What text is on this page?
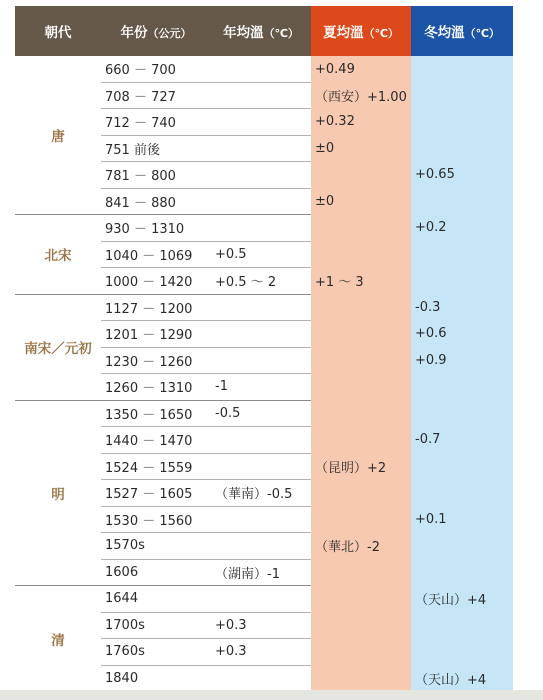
朝代	年份（公元）	年均溫（℃）	夏均溫（℃）	冬均溫（℃）
唐	660 － 700		+0.49	
	708 － 727		（西安）+1.00	
	712 － 740		+0.32	
	751 前後		±0	
	781 － 800			+0.65
	841 － 880		±0	
北宋	930 － 1310			+0.2
	1040 － 1069	+0.5		
	1000 － 1420	+0.5 ～ 2	+1 ～ 3	
南宋／元初	1127 － 1200			-0.3
	1201 － 1290			+0.6
	1230 － 1260			+0.9
	1260 － 1310	-1		
明	1350 － 1650	-0.5		
	1440 － 1470			-0.7
	1524 － 1559		（昆明）+2	
	1527 － 1605	（華南）-0.5		
	1530 － 1560			+0.1
	1570s		（華北）-2	
	1606	（湖南）-1		
清	1644			（天山）+4
	1700s	+0.3		
	1760s	+0.3		
	1840			（天山）+4
